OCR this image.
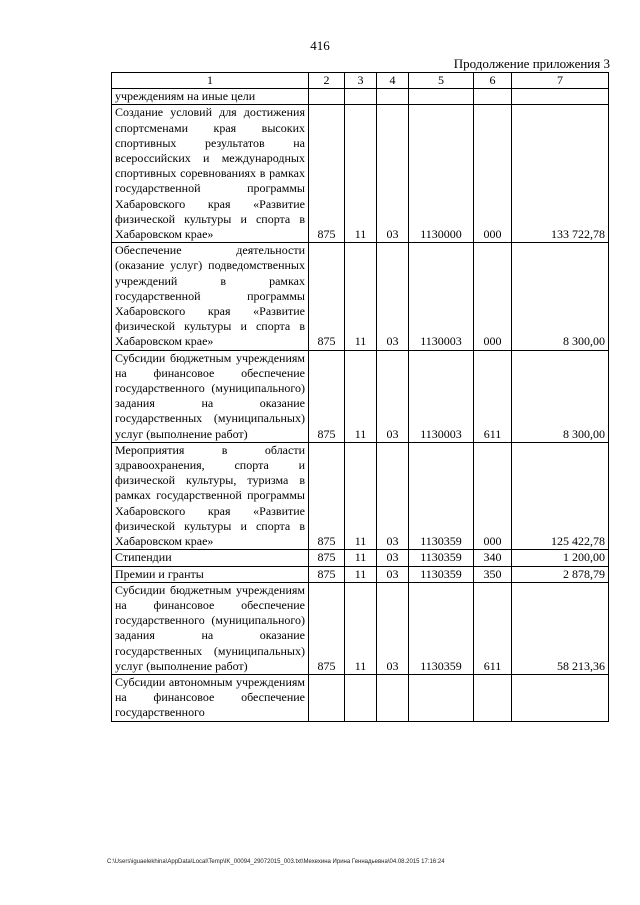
416
Продолжение приложения 3
1	2	3	4	5	6	7
учреждениям на иные цели						
Создание условий для достижения спортсменами края высоких спортивных результатов на всероссийских и международных спортивных соревнованиях в рамках государственной программы Хабаровского края «Развитие физической культуры и спорта в Хабаровском крае»	875	11	03	1130000	000	133 722,78
Обеспечение деятельности (оказание услуг) подведомственных учреждений в рамках государственной программы Хабаровского края «Развитие физической культуры и спорта в Хабаровском крае»	875	11	03	1130003	000	8 300,00
Субсидии бюджетным учреждениям на финансовое обеспечение государственного (муниципального) задания на оказание государственных (муниципальных) услуг (выполнение работ)	875	11	03	1130003	611	8 300,00
Мероприятия в области здравоохранения, спорта и физической культуры, туризма в рамках государственной программы Хабаровского края «Развитие физической культуры и спорта в Хабаровском крае»	875	11	03	1130359	000	125 422,78
Стипендии	875	11	03	1130359	340	1 200,00
Премии и гранты	875	11	03	1130359	350	2 878,79
Субсидии бюджетным учреждениям на финансовое обеспечение государственного (муниципального) задания на оказание государственных (муниципальных) услуг (выполнение работ)	875	11	03	1130359	611	58 213,36
Субсидии автономным учреждениям на финансовое обеспечение государственного						
C:\Users\iguaelekhina\AppData\Local\Temp\IK_00094_29072015_003.txt\Мехехина Ирина Геннадьевна\04.08.2015 17:16:24
